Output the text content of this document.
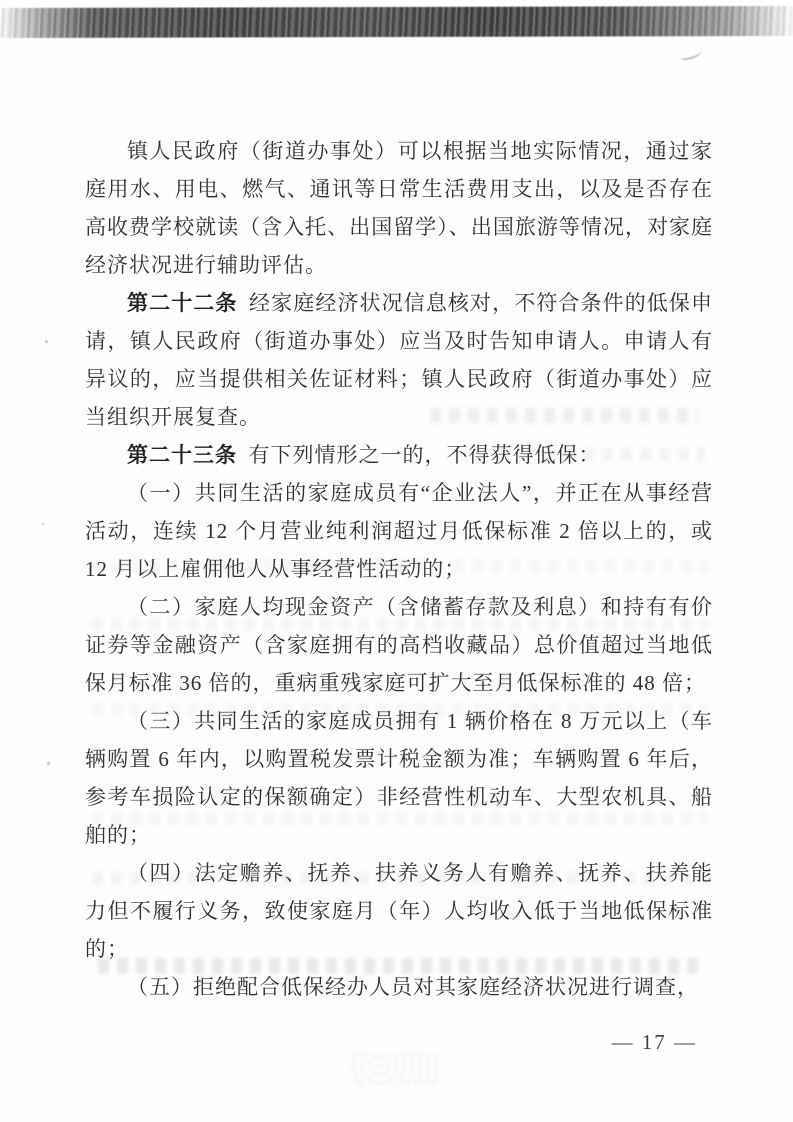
镇人民政府（街道办事处）可以根据当地实际情况，通过家庭用水、用电、燃气、通讯等日常生活费用支出，以及是否存在高收费学校就读（含入托、出国留学）、出国旅游等情况，对家庭经济状况进行辅助评估。

第二十二条 经家庭经济状况信息核对，不符合条件的低保申请，镇人民政府（街道办事处）应当及时告知申请人。申请人有异议的，应当提供相关佐证材料；镇人民政府（街道办事处）应当组织开展复查。

第二十三条 有下列情形之一的，不得获得低保：

（一）共同生活的家庭成员有“企业法人”，并正在从事经营活动，连续 12 个月营业纯利润超过月低保标准 2 倍以上的，或 12 月以上雇佣他人从事经营性活动的；

（二）家庭人均现金资产（含储蓄存款及利息）和持有有价证券等金融资产（含家庭拥有的高档收藏品）总价值超过当地低保月标准 36 倍的，重病重残家庭可扩大至月低保标准的 48 倍；

（三）共同生活的家庭成员拥有 1 辆价格在 8 万元以上（车辆购置 6 年内，以购置税发票计税金额为准；车辆购置 6 年后，参考车损险认定的保额确定）非经营性机动车、大型农机具、船舶的；

（四）法定赡养、抚养、扶养义务人有赡养、抚养、扶养能力但不履行义务，致使家庭月（年）人均收入低于当地低保标准的；

（五）拒绝配合低保经办人员对其家庭经济状况进行调查，

— 17 —
